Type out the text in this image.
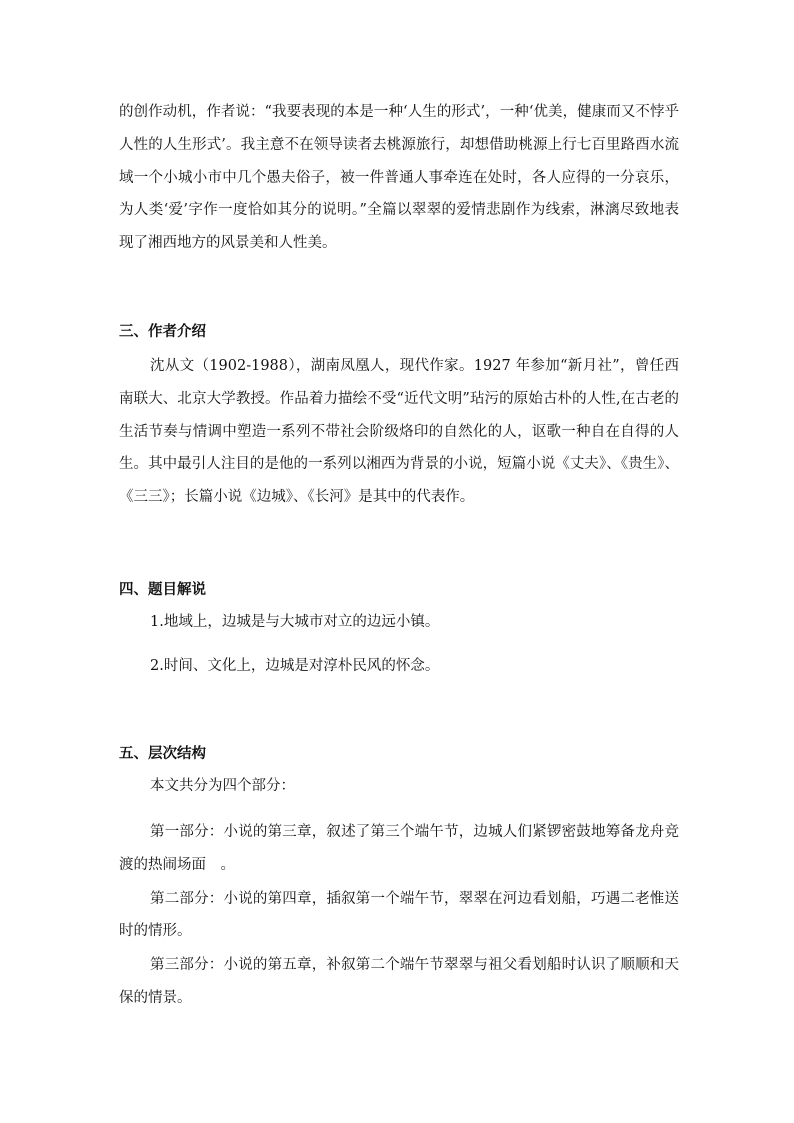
的创作动机，作者说：“我要表现的本是一种‘人生的形式’，一种‘优美，健康而又不悖乎人性的人生形式’。我主意不在领导读者去桃源旅行，却想借助桃源上行七百里路酉水流域一个小城小市中几个愚夫俗子，被一件普通人事牵连在处时，各人应得的一分哀乐，为人类‘爱’字作一度恰如其分的说明。”全篇以翠翠的爱情悲剧作为线索，淋漓尽致地表现了湘西地方的风景美和人性美。

三、作者介绍

沈从文（1902-1988），湖南凤凰人，现代作家。1927 年参加“新月社”，曾任西南联大、北京大学教授。作品着力描绘不受“近代文明”玷污的原始古朴的人性,在古老的生活节奏与情调中塑造一系列不带社会阶级烙印的自然化的人，讴歌一种自在自得的人生。其中最引人注目的是他的一系列以湘西为背景的小说，短篇小说《丈夫》、《贵生》、《三三》；长篇小说《边城》、《长河》是其中的代表作。

四、题目解说

1.地域上，边城是与大城市对立的边远小镇。

2.时间、文化上，边城是对淳朴民风的怀念。

五、层次结构

本文共分为四个部分：

第一部分：小说的第三章，叙述了第三个端午节，边城人们紧锣密鼓地筹备龙舟竞渡的热闹场面　。

第二部分：小说的第四章，插叙第一个端午节，翠翠在河边看划船，巧遇二老惟送时的情形。

第三部分：小说的第五章，补叙第二个端午节翠翠与祖父看划船时认识了顺顺和天保的情景。
